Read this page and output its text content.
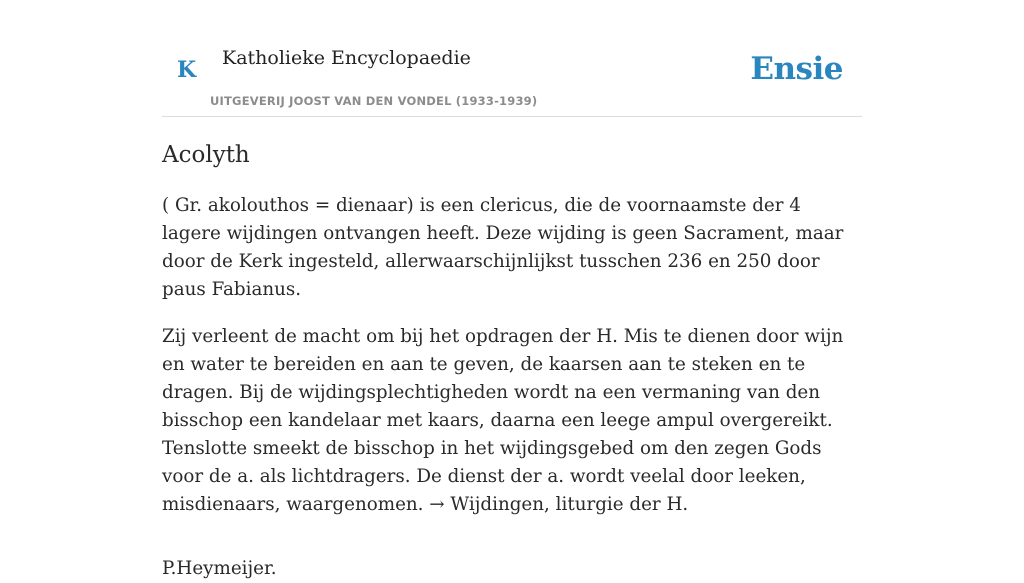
K Katholieke Encyclopaedie
UITGEVERIJ JOOST VAN DEN VONDEL (1933-1939)
Ensie
Acolyth

( Gr. akolouthos = dienaar) is een clericus, die de voornaamste der 4 lagere wijdingen ontvangen heeft. Deze wijding is geen Sacrament, maar door de Kerk ingesteld, allerwaarschijnlijkst tusschen 236 en 250 door paus Fabianus.

Zij verleent de macht om bij het opdragen der H. Mis te dienen door wijn en water te bereiden en aan te geven, de kaarsen aan te steken en te dragen. Bij de wijdingsplechtigheden wordt na een vermaning van den bisschop een kandelaar met kaars, daarna een leege ampul overgereikt. Tenslotte smeekt de bisschop in het wijdingsgebed om den zegen Gods voor de a. als lichtdragers. De dienst der a. wordt veelal door leeken, misdienaars, waargenomen. → Wijdingen, liturgie der H.

P.Heymeijer.
